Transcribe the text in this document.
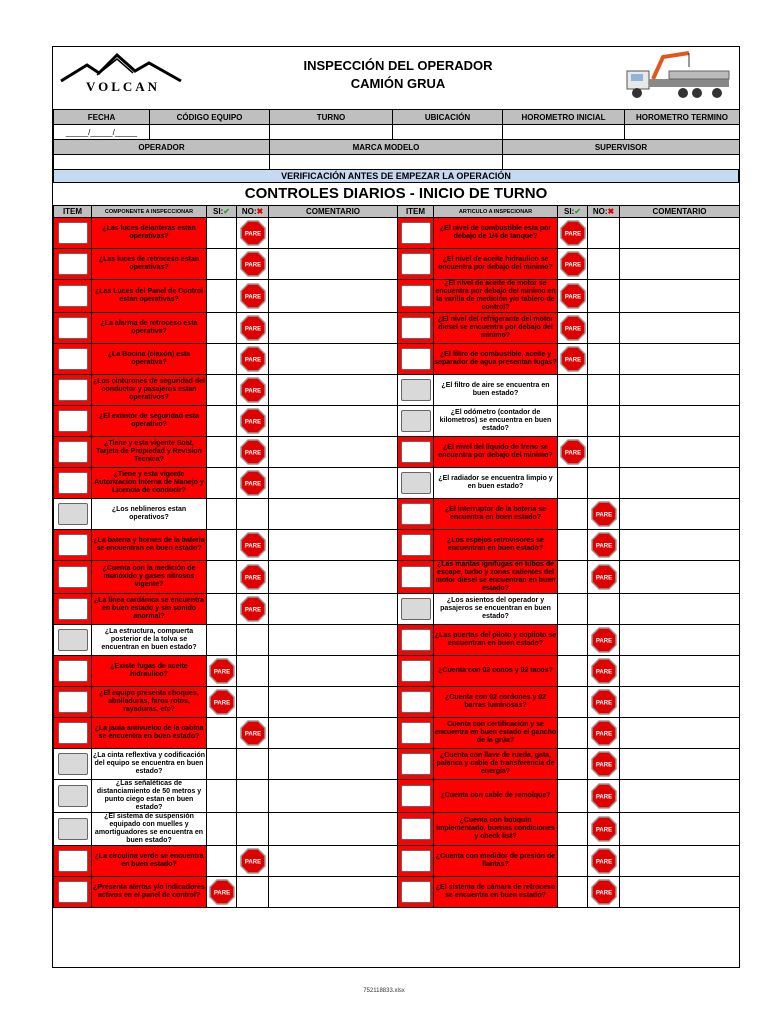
VOLCAN
INSPECCIÓN DEL OPERADOR
CAMIÓN GRUA
FECHA	CÓDIGO EQUIPO	TURNO	UBICACIÓN	HOROMETRO INICIAL	HOROMETRO TERMINO
_____/_____/_____					
OPERADOR		MARCA MODELO		SUPERVISOR	

VERIFICACIÓN ANTES DE EMPEZAR LA OPERACIÓN
CONTROLES DIARIOS - INICIO DE TURNO
ITEM	COMPONENTE A INSPECCIONAR	SI:✔	NO:✖	COMENTARIO	ITEM	ARTICULO A INSPECIONAR	SI:✔	NO:✖	COMENTARIO
	¿Las luces delanteras estan operativas?		PARE			¿El nivel de combustible esta por debajo de 1/4 de tanque?	PARE		

	¿Las luces de retroceso estan operativas?		PARE			¿El nivel de aceite hidraulico se encuentra por debajo del minimo?	PARE		

	¿Las Luces del Panel de Control estan operativas?		PARE			¿El nivel de aceite de motor se encuentra por debajo del minimo en la varilla de medición y/o tablero de control?	PARE		

	¿La alarma de retroceso esta operativa?		PARE			¿El nivel del refrigerante del motor diesel se encuentra por debajo del minimo?	PARE		

	¿La Bocina (claxón) esta operativa?		PARE			¿El filtro de combustible, aceite y separador de agua presentan fugas?	PARE		

	¿Los cinturones de seguridad del conductor y pasajeros estan operativos?		PARE			¿El filtro de aire se encuentra en buen estado?			
	¿El extintor de seguridad esta operativo?		PARE			¿El odómetro (contador de kilometros) se encuentra en buen estado?			
	¿Tiene y esta vigente Soat, Tarjeta de Propiedad y Revision Tecnica?		PARE			¿El nivel del liquido de freno se encuentra por debajo del minimo?	PARE		

	¿Tiene y esta vigente Autorizacion Interna de Manejo y Licencia de conducir?		PARE			¿El radiador se encuentra limpio y en buen estado?			
	¿Los neblineros estan operativos?					¿El interruptor de la bateria se encuentra en buen estado?		PARE	

	¿La bateria y bornes de la bateria se encuentran en buen estado?		PARE			¿Los espejos retrovisores se encuentran en buen estado?		PARE	

	¿Cuenta con la medición de monóxido y gases nitrosos vigente?		PARE			¿Las mantas ignifugas en tubos de escape, turbo y zonas calientes del motor diesel se encuentran en buen estado?		PARE	

	¿La linea cardánica se encuentra en buen estado y sin sonido anormal?		PARE			¿Los asientos del operador y pasajeros se encuentran en buen estado?			
	¿La estructura, compuerta posterior de la tolva se encuentran en buen estado?					¿Las puertas del piloto y copiloto se encuentran en buen estado?		PARE	

	¿Existe fugas de aceite hidraulico?	PARE				¿Cuenta con 02 conos y 02 tacos?		PARE	

	¿El equipo presenta choques, abolladuras, faros rotos, rayaduras, etc?	PARE				¿Cuenta con 02 cordones y 02 barras luminosas?		PARE	

	¿La jaula antivuelco de la cabina se encuentra en buen estado?		PARE			Cuenta con certificación y se encuentra en buen estado el gancho de la grúa?		PARE	

	¿La cinta reflextiva y codificación del equipo se encuentra en buen estado?					¿Cuenta con llave de rueda, gata, palanca y cable de transferencia de energía?		PARE	

	¿Las señaléticas de distanciamiento de 50 metros y punto ciego estan en buen estado?					¿Cuenta con cable de remolque?		PARE	

	¿El sistema de suspensión equipado con muelles y amortiguadores se encuentra en buen estado?					¿Cuenta con botiquín implementado, buenas condiciones y check list?		PARE	

	¿La circulina verde se encuentra en buen estado?		PARE			¿Cuenta con medidor de presión de llantas?		PARE	

	¿Presenta alertas y/o indicadores activos en el panel de control?	PARE				¿El sistema de cámara de retroceso se encuentra en buen estado?		PARE	

752118833.xlsx
